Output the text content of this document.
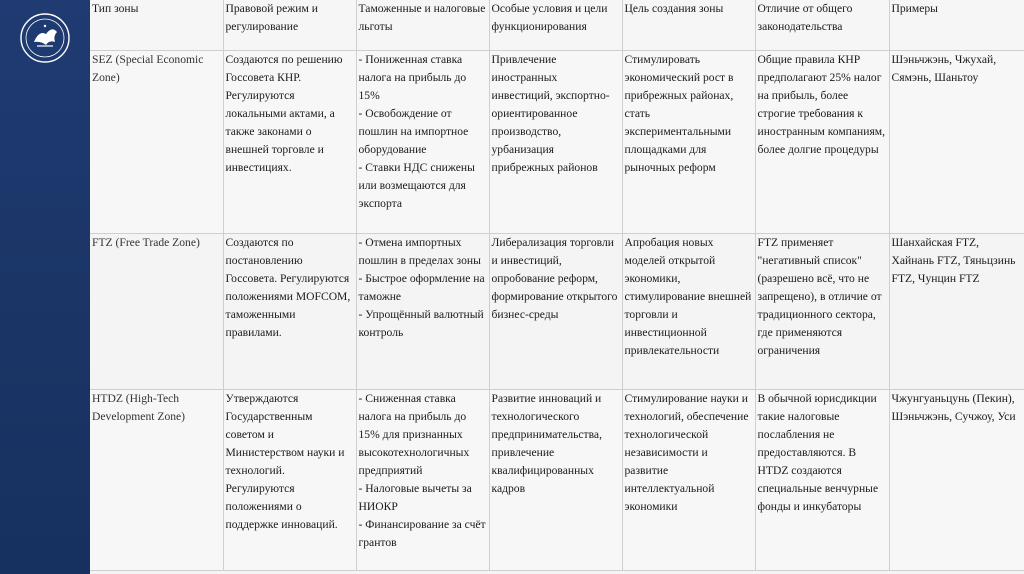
Тип зоны	Правовой режим и регулирование	Таможенные и налоговые льготы	Особые условия и цели функционирования	Цель создания зоны	Отличие от общего законодательства	Примеры
SEZ (Special Economic Zone)	Создаются по решению Госсовета КНР. Регулируются локальными актами, а также законами о внешней торговле и инвестициях.	- Пониженная ставка налога на прибыль до 15%
- Освобождение от пошлин на импортное оборудование
- Ставки НДС снижены или возмещаются для экспорта	Привлечение иностранных инвестиций, экспортно-ориентированное производство, урбанизация прибрежных районов	Стимулировать экономический рост в прибрежных районах, стать экспериментальными площадками для рыночных реформ	Общие правила КНР предполагают 25% налог на прибыль, более строгие требования к иностранным компаниям, более долгие процедуры	Шэньчжэнь, Чжухай, Сямэнь, Шаньтоу
FTZ (Free Trade Zone)	Создаются по постановлению Госсовета. Регулируются положениями MOFCOM, таможенными правилами.	- Отмена импортных пошлин в пределах зоны
- Быстрое оформление на таможне
- Упрощённый валютный контроль	Либерализация торговли и инвестиций, опробование реформ, формирование открытого бизнес-среды	Апробация новых моделей открытой экономики, стимулирование внешней торговли и инвестиционной привлекательности	FTZ применяет "негативный список" (разрешено всё, что не запрещено), в отличие от традиционного сектора, где применяются ограничения	Шанхайская FTZ, Хайнань FTZ, Тяньцзинь FTZ, Чунцин FTZ
HTDZ (High-Tech Development Zone)	Утверждаются Государственным советом и Министерством науки и технологий. Регулируются положениями о поддержке инноваций.	- Сниженная ставка налога на прибыль до 15% для признанных высокотехнологичных предприятий
- Налоговые вычеты за НИОКР
- Финансирование за счёт грантов	Развитие инноваций и технологического предпринимательства, привлечение квалифицированных кадров	Стимулирование науки и технологий, обеспечение технологической независимости и развитие интеллектуальной экономики	В обычной юрисдикции такие налоговые послабления не предоставляются. В HTDZ создаются специальные венчурные фонды и инкубаторы	Чжунгуаньцунь (Пекин), Шэньчжэнь, Сучжоу, Уси
